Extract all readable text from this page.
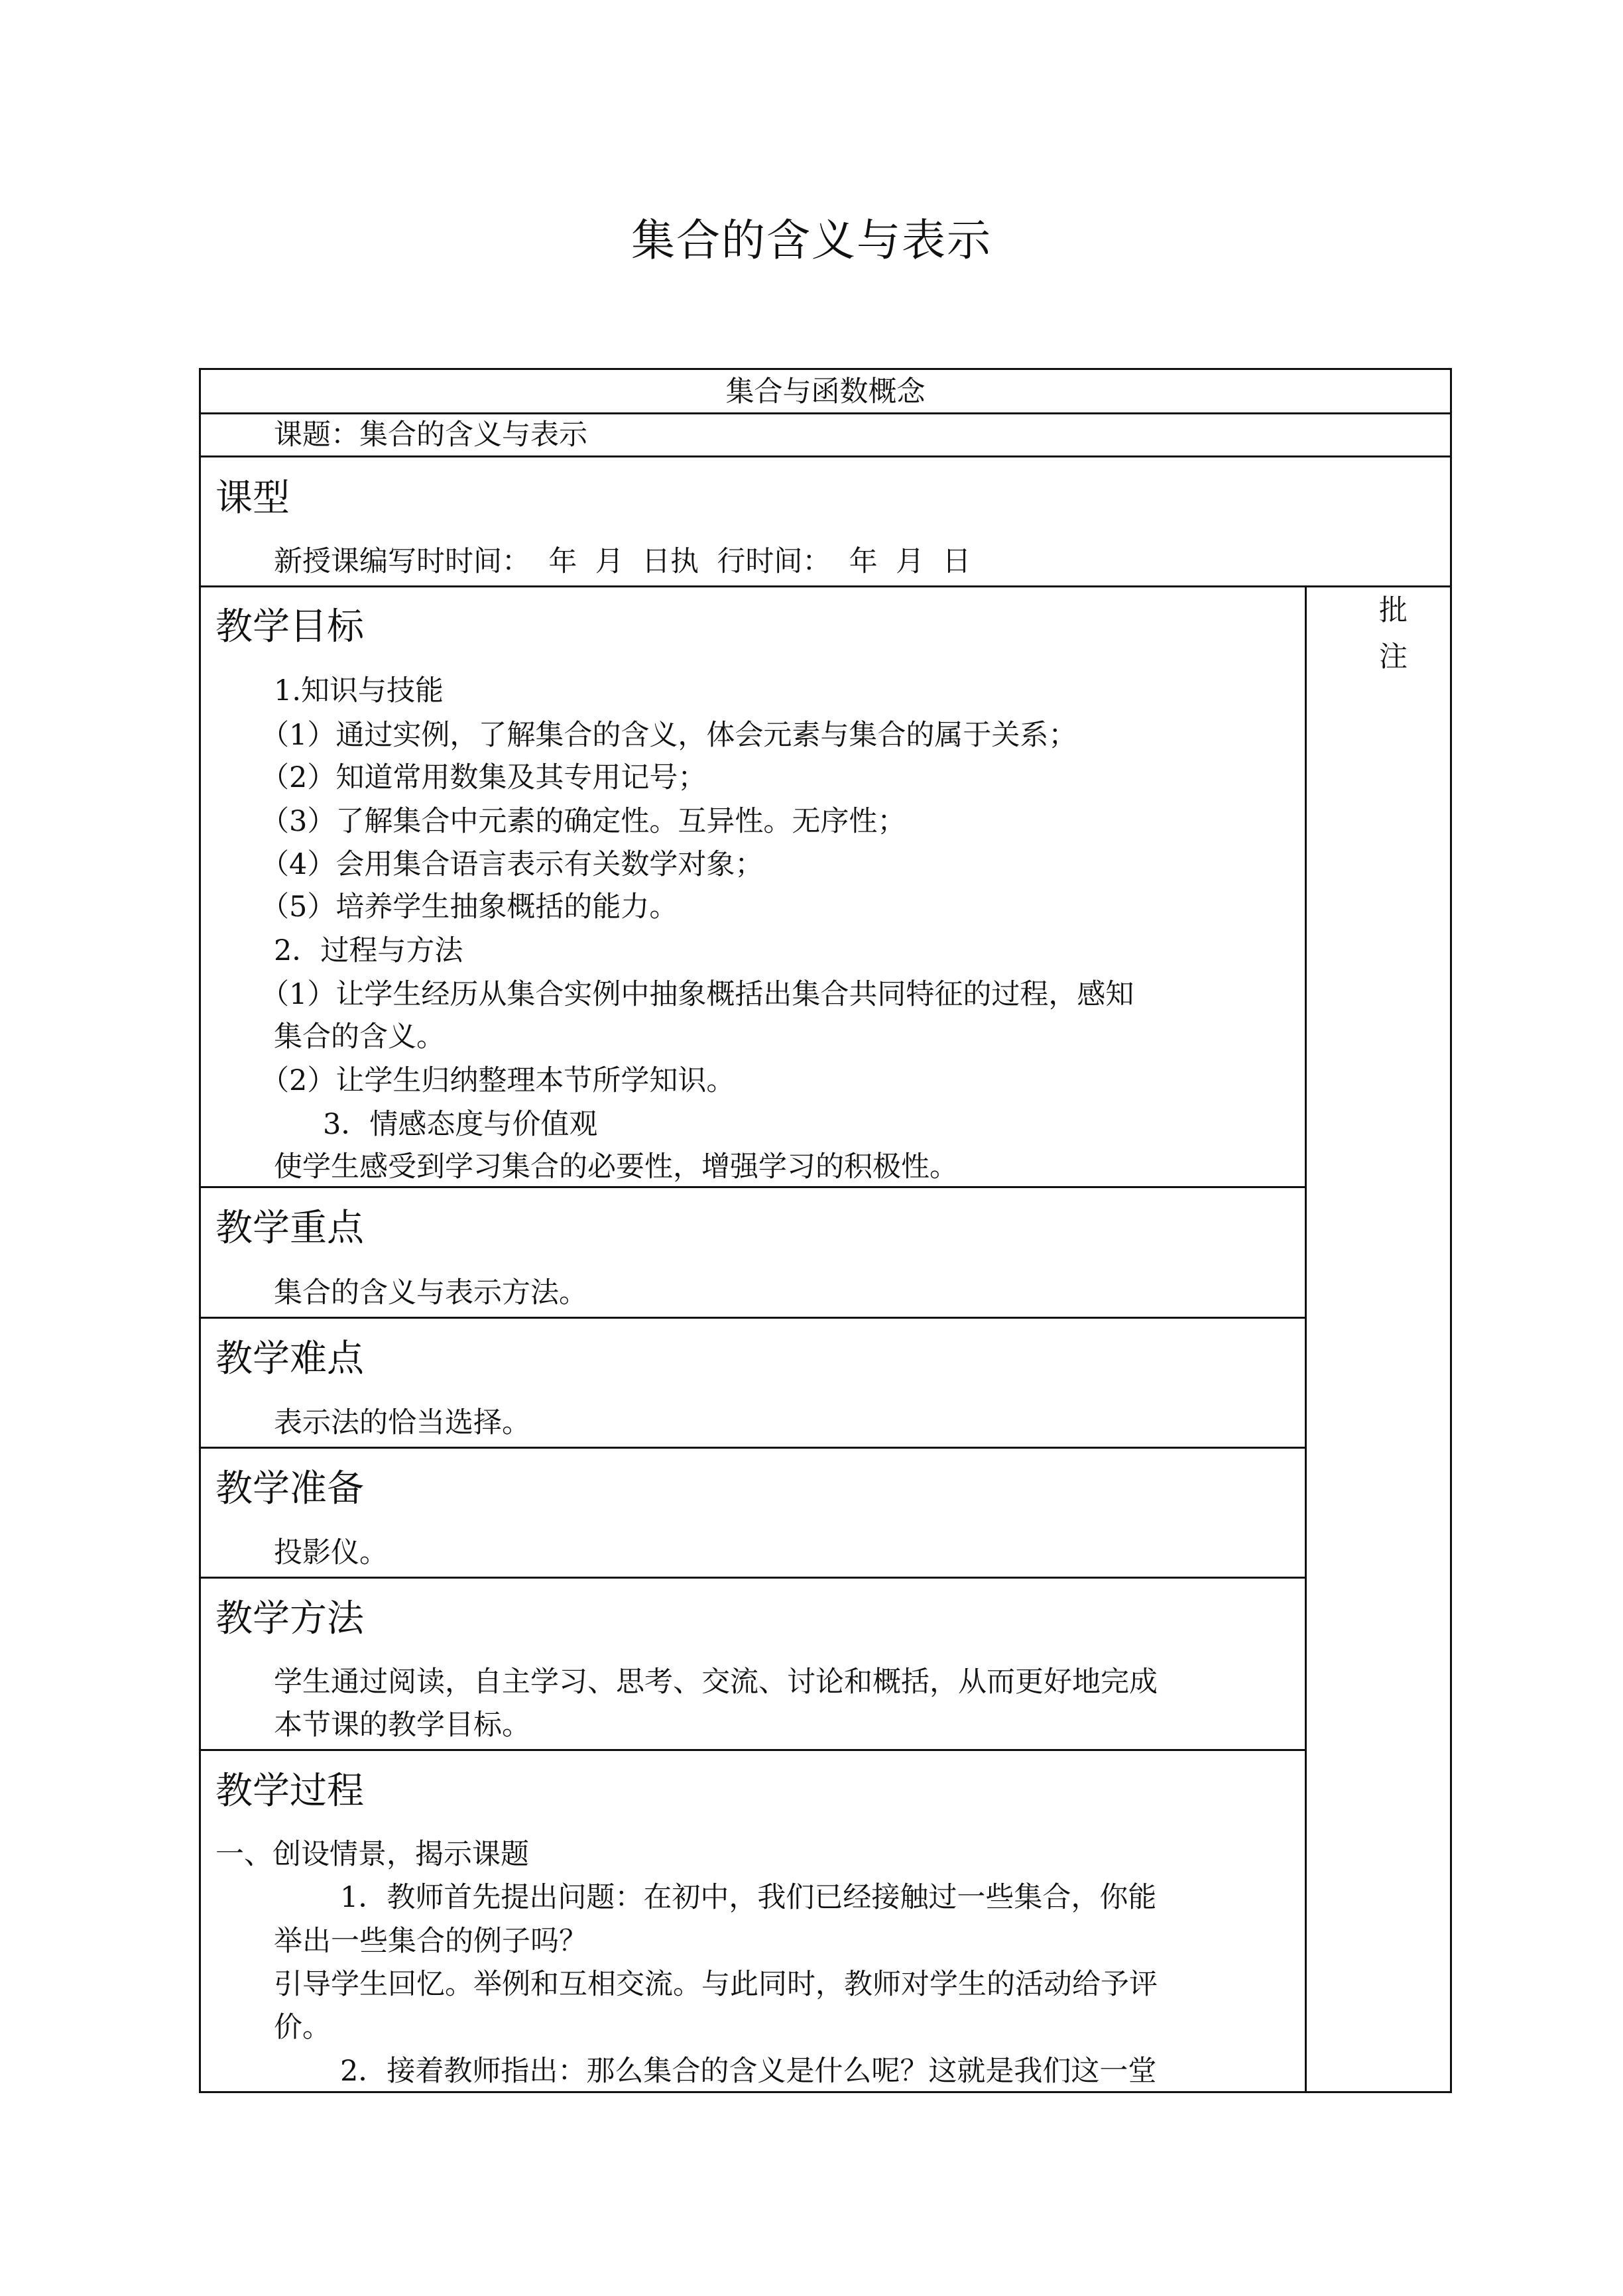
集合的含义与表示
集合与函数概念
课题：集合的含义与表示
课型
新授课编写时时间：  年  月  日执  行时间：  年  月  日
批注
教学目标
1.知识与技能
（1）通过实例，了解集合的含义，体会元素与集合的属于关系；
（2）知道常用数集及其专用记号；
（3）了解集合中元素的确定性。互异性。无序性；
（4）会用集合语言表示有关数学对象；
（5）培养学生抽象概括的能力。
2．过程与方法
（1）让学生经历从集合实例中抽象概括出集合共同特征的过程，感知
集合的含义。
（2）让学生归纳整理本节所学知识。
3．情感态度与价值观
使学生感受到学习集合的必要性，增强学习的积极性。
教学重点
集合的含义与表示方法。
教学难点
表示法的恰当选择。
教学准备
投影仪。
教学方法
学生通过阅读，自主学习、思考、交流、讨论和概括，从而更好地完成
本节课的教学目标。
教学过程
一、创设情景，揭示课题
1．教师首先提出问题：在初中，我们已经接触过一些集合，你能
举出一些集合的例子吗？
引导学生回忆。举例和互相交流。与此同时，教师对学生的活动给予评
价。
2．接着教师指出：那么集合的含义是什么呢？这就是我们这一堂
